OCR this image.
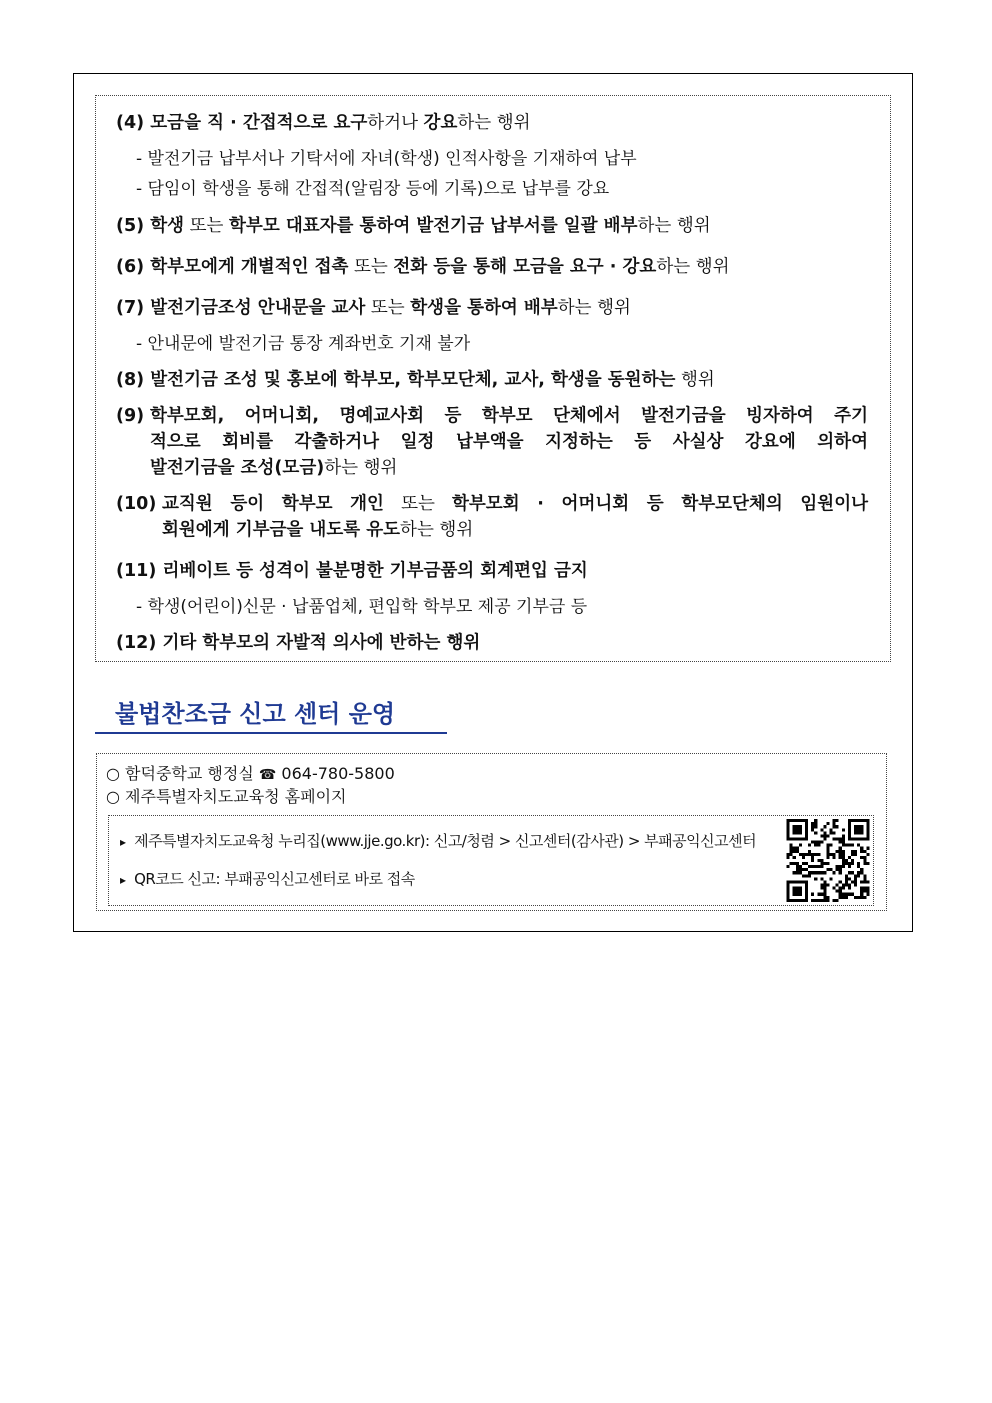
(4) 모금을 직 · 간접적으로 요구하거나 강요하는 행위
- 발전기금 납부서나 기탁서에 자녀(학생) 인적사항을 기재하여 납부
- 담임이 학생을 통해 간접적(알림장 등에 기록)으로 납부를 강요
(5) 학생 또는 학부모 대표자를 통하여 발전기금 납부서를 일괄 배부하는 행위
(6) 학부모에게 개별적인 접촉 또는 전화 등을 통해 모금을 요구 · 강요하는 행위
(7) 발전기금조성 안내문을 교사 또는 학생을 통하여 배부하는 행위
- 안내문에 발전기금 통장 계좌번호 기재 불가
(8) 발전기금 조성 및 홍보에 학부모, 학부모단체, 교사, 학생을 동원하는 행위
(9) 학부모회, 어머니회, 명예교사회 등 학부모 단체에서 발전기금을 빙자하여 주기
적으로 회비를 각출하거나 일정 납부액을 지정하는 등 사실상 강요에 의하여
발전기금을 조성(모금)하는 행위
(10) 교직원 등이 학부모 개인 또는 학부모회 · 어머니회 등 학부모단체의 임원이나
회원에게 기부금을 내도록 유도하는 행위
(11) 리베이트 등 성격이 불분명한 기부금품의 회계편입 금지
- 학생(어린이)신문 · 납품업체, 편입학 학부모 제공 기부금 등
(12) 기타 학부모의 자발적 의사에 반하는 행위
불법찬조금 신고 센터 운영
○ 함덕중학교 행정실 ☎ 064-780-5800
○ 제주특별자치도교육청 홈페이지
▸ 제주특별자치도교육청 누리집(www.jje.go.kr): 신고/청렴 > 신고센터(감사관) > 부패공익신고센터
▸ QR코드 신고: 부패공익신고센터로 바로 접속
